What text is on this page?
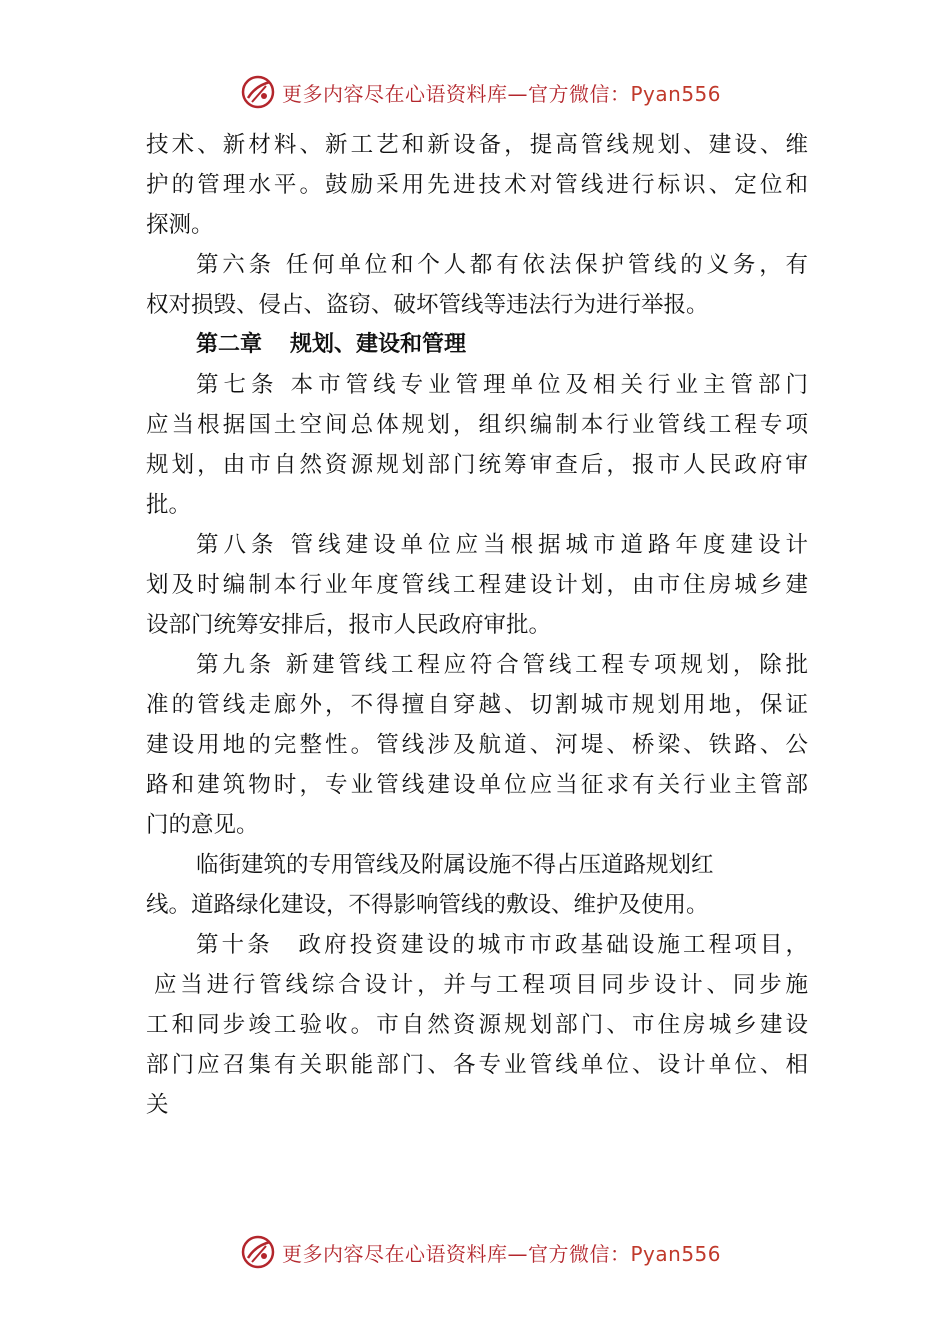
更多内容尽在心语资料库—官方微信：Pyan556
技术、新材料、新工艺和新设备，提高管线规划、建设、维
护的管理水平。鼓励采用先进技术对管线进行标识、定位和
探测。
第六条 任何单位和个人都有依法保护管线的义务，有
权对损毁、侵占、盗窃、破坏管线等违法行为进行举报。
第二章 规划、建设和管理
第七条 本市管线专业管理单位及相关行业主管部门
应当根据国土空间总体规划，组织编制本行业管线工程专项
规划，由市自然资源规划部门统筹审查后，报市人民政府审
批。
第八条 管线建设单位应当根据城市道路年度建设计
划及时编制本行业年度管线工程建设计划，由市住房城乡建
设部门统筹安排后，报市人民政府审批。
第九条 新建管线工程应符合管线工程专项规划，除批
准的管线走廊外，不得擅自穿越、切割城市规划用地，保证
建设用地的完整性。管线涉及航道、河堤、桥梁、铁路、公
路和建筑物时，专业管线建设单位应当征求有关行业主管部
门的意见。
临街建筑的专用管线及附属设施不得占压道路规划红
线。道路绿化建设，不得影响管线的敷设、维护及使用。
第十条　政府投资建设的城市市政基础设施工程项目，
应当进行管线综合设计，并与工程项目同步设计、同步施
工和同步竣工验收。市自然资源规划部门、市住房城乡建设
部门应召集有关职能部门、各专业管线单位、设计单位、相
关
更多内容尽在心语资料库—官方微信：Pyan556
